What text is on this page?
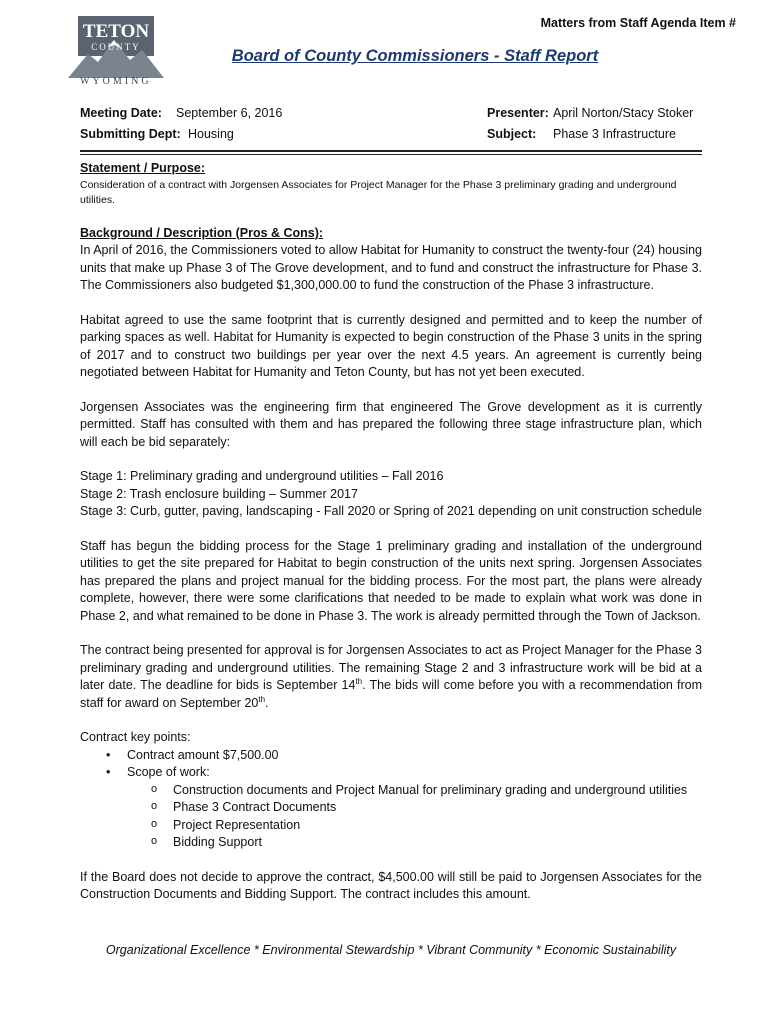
TETON
COUNTY
WYOMING
Matters from Staff Agenda Item #
Board of County Commissioners - Staff Report
Meeting Date: September 6, 2016
Submitting Dept: Housing
Presenter: April Norton/Stacy Stoker
Subject: Phase 3 Infrastructure

Statement / Purpose:

Consideration of a contract with Jorgensen Associates for Project Manager for the Phase 3 preliminary grading and underground utilities.

Background / Description (Pros & Cons):

In April of 2016, the Commissioners voted to allow Habitat for Humanity to construct the twenty-four (24) housing units that make up Phase 3 of The Grove development, and to fund and construct the infrastructure for Phase 3. The Commissioners also budgeted $1,300,000.00 to fund the construction of the Phase 3 infrastructure.

Habitat agreed to use the same footprint that is currently designed and permitted and to keep the number of parking spaces as well. Habitat for Humanity is expected to begin construction of the Phase 3 units in the spring of 2017 and to construct two buildings per year over the next 4.5 years. An agreement is currently being negotiated between Habitat for Humanity and Teton County, but has not yet been executed.

Jorgensen Associates was the engineering firm that engineered The Grove development as it is currently permitted. Staff has consulted with them and has prepared the following three stage infrastructure plan, which will each be bid separately:

Stage 1: Preliminary grading and underground utilities – Fall 2016
Stage 2: Trash enclosure building – Summer 2017
Stage 3: Curb, gutter, paving, landscaping - Fall 2020 or Spring of 2021 depending on unit construction schedule

Staff has begun the bidding process for the Stage 1 preliminary grading and installation of the underground utilities to get the site prepared for Habitat to begin construction of the units next spring. Jorgensen Associates has prepared the plans and project manual for the bidding process. For the most part, the plans were already complete, however, there were some clarifications that needed to be made to explain what work was done in Phase 2, and what remained to be done in Phase 3. The work is already permitted through the Town of Jackson.

The contract being presented for approval is for Jorgensen Associates to act as Project Manager for the Phase 3 preliminary grading and underground utilities. The remaining Stage 2 and 3 infrastructure work will be bid at a later date. The deadline for bids is September 14th. The bids will come before you with a recommendation from staff for award on September 20th.

Contract key points:

• Contract amount $7,500.00
• Scope of work:
o Construction documents and Project Manual for preliminary grading and underground utilities
o Phase 3 Contract Documents
o Project Representation
o Bidding Support

If the Board does not decide to approve the contract, $4,500.00 will still be paid to Jorgensen Associates for the Construction Documents and Bidding Support. The contract includes this amount.

Organizational Excellence * Environmental Stewardship * Vibrant Community * Economic Sustainability
